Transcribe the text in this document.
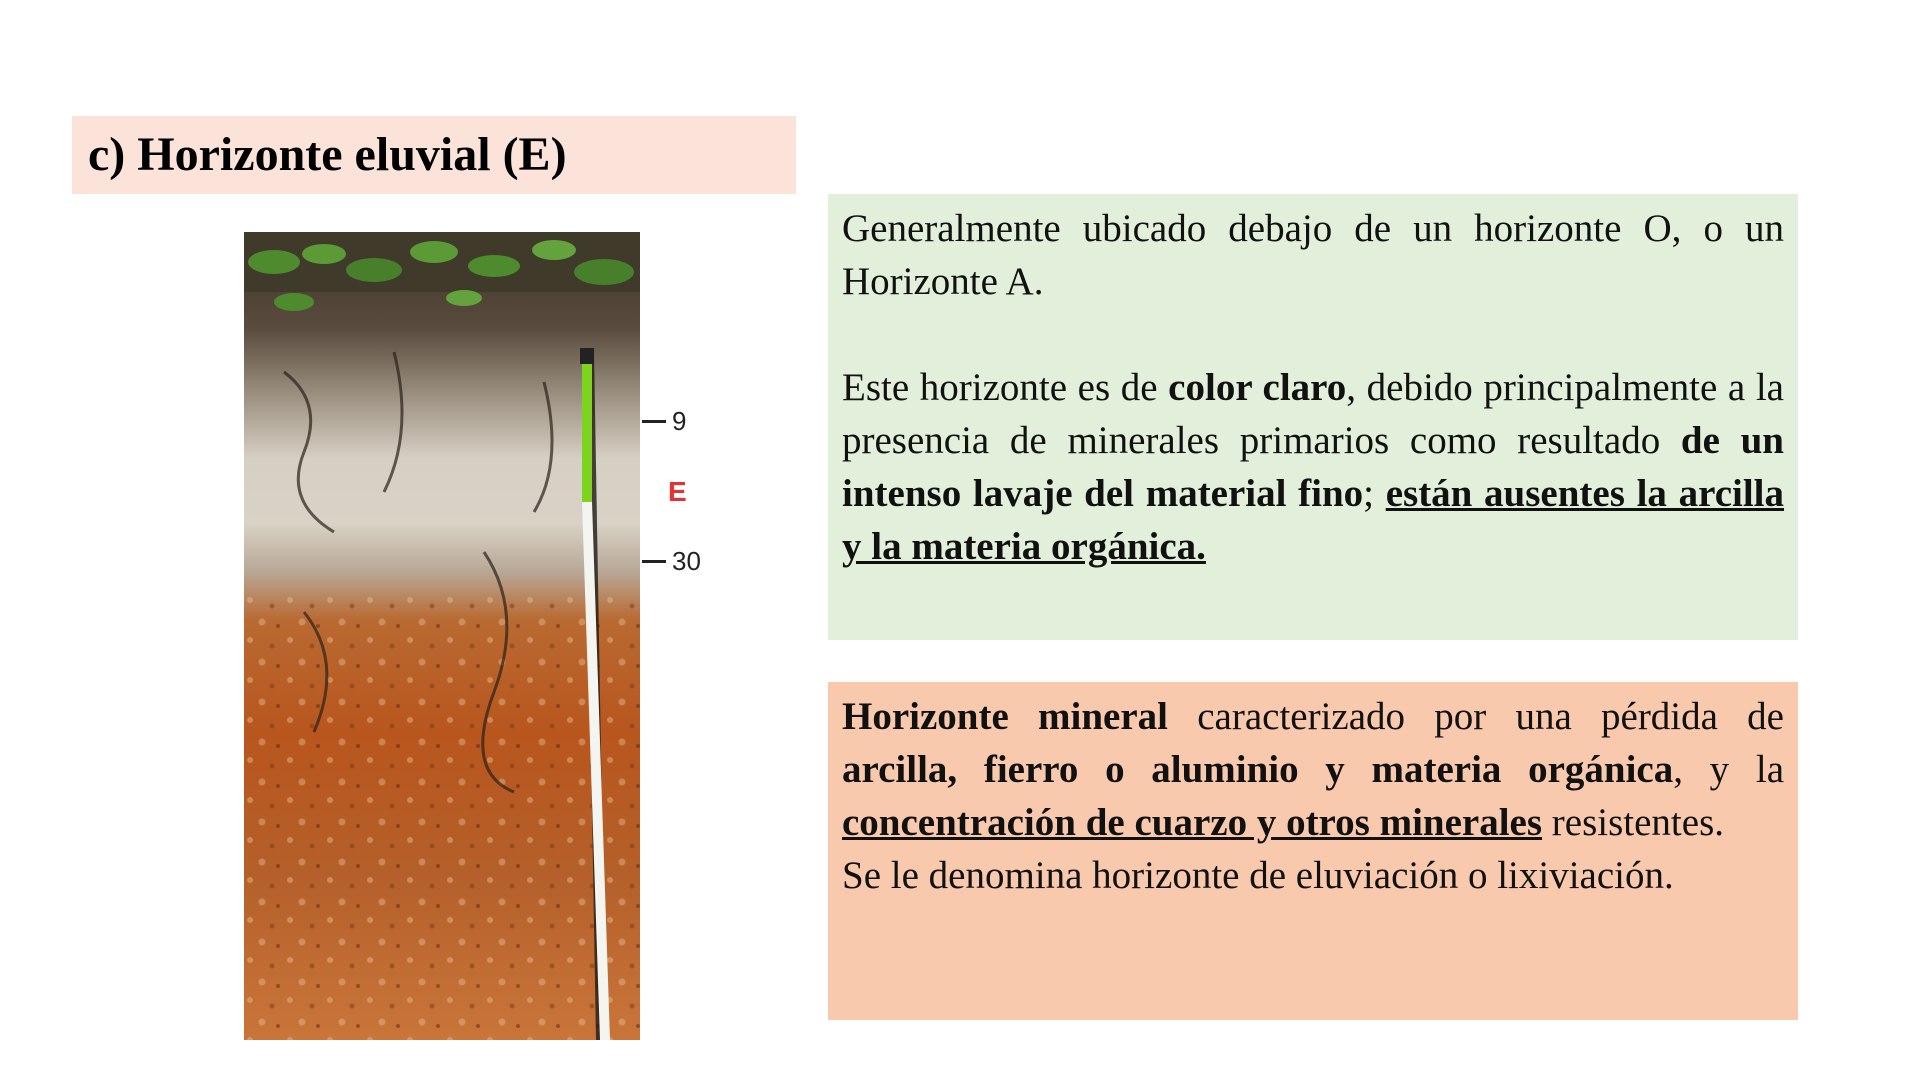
c) Horizonte eluvial (E)
9
E
30

Generalmente ubicado debajo de un horizonte O, o un Horizonte A.

Este horizonte es de color claro, debido principalmente a la presencia de minerales primarios como resultado de un intenso lavaje del material fino; están ausentes la arcilla y la materia orgánica.

Horizonte mineral caracterizado por una pérdida de arcilla, fierro o aluminio y materia orgánica, y la concentración de cuarzo y otros minerales resistentes.

Se le denomina horizonte de eluviación o lixiviación.
